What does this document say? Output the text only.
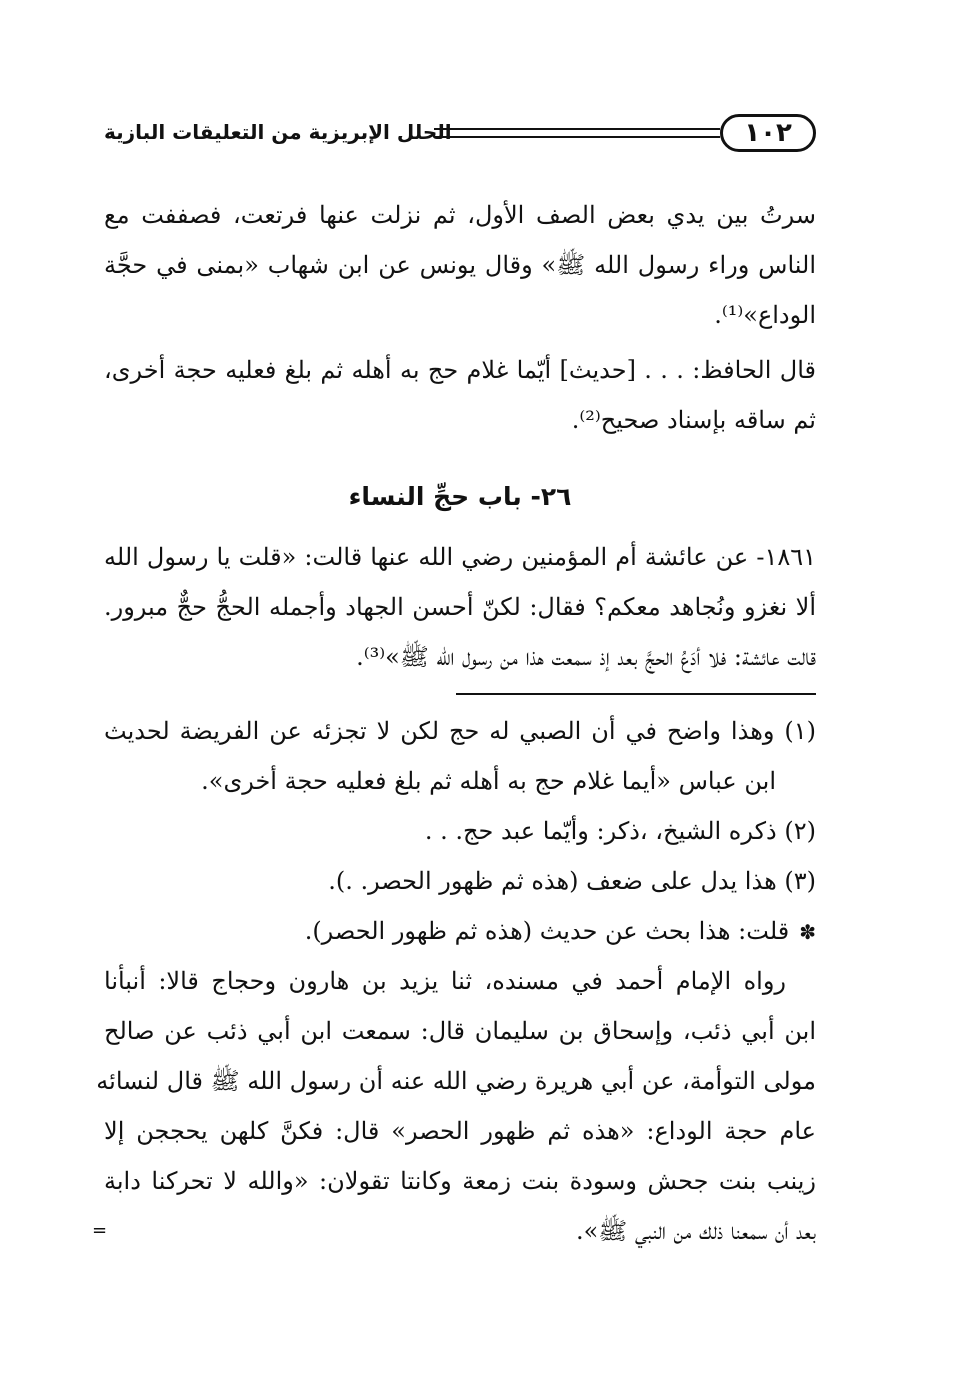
١٠٢
الحلل الإبريزية من التعليقات البازية
سرتُ بين يدي بعض الصف الأول، ثم نزلت عنها فرتعت، فصففت مع
الناس وراء رسول الله ﷺ» وقال يونس عن ابن شهاب «بمنى في حجَّة
الوداع»⁽¹⁾.
قال الحافظ: . . . [حديث] أيّما غلام حج به أهله ثم بلغ فعليه حجة أخرى،
ثم ساقه بإسناد صحيح⁽²⁾.
٢٦- باب حجِّ النساء
١٨٦١- عن عائشة أم المؤمنين رضي الله عنها قالت: «قلت يا رسول الله
ألا نغزو ونُجاهد معكم؟ فقال: لكنّ أحسن الجهاد وأجمله الحجُّ حجٌّ مبرور.
قالت عائشة: فلا أدَعُ الحجَّ بعد إذ سمعت هذا من رسول الله ﷺ»⁽³⁾.
(١) وهذا واضح في أن الصبي له حج لكن لا تجزئه عن الفريضة لحديث
ابن عباس «أيما غلام حج به أهله ثم بلغ فعليه حجة أخرى».
(٢) ذكره الشيخ، ،ذكر: وأيّما عبد حج. . .
(٣) هذا يدل على ضعف (هذه ثم ظهور الحصر. .).
✽قلت: هذا بحث عن حديث (هذه ثم ظهور الحصر).
رواه الإمام أحمد في مسنده، ثنا يزيد بن هارون وحجاج قالا: أنبأنا
ابن أبي ذئب، وإسحاق بن سليمان قال: سمعت ابن أبي ذئب عن صالح
مولى التوأمة، عن أبي هريرة رضي الله عنه أن رسول الله ﷺ قال لنسائه
عام حجة الوداع: «هذه ثم ظهور الحصر» قال: فكنَّ كلهن يحججن إلا
زينب بنت جحش وسودة بنت زمعة وكانتا تقولان: «والله لا تحركنا دابة
بعد أن سمعنا ذلك من النبي ﷺ».
=
